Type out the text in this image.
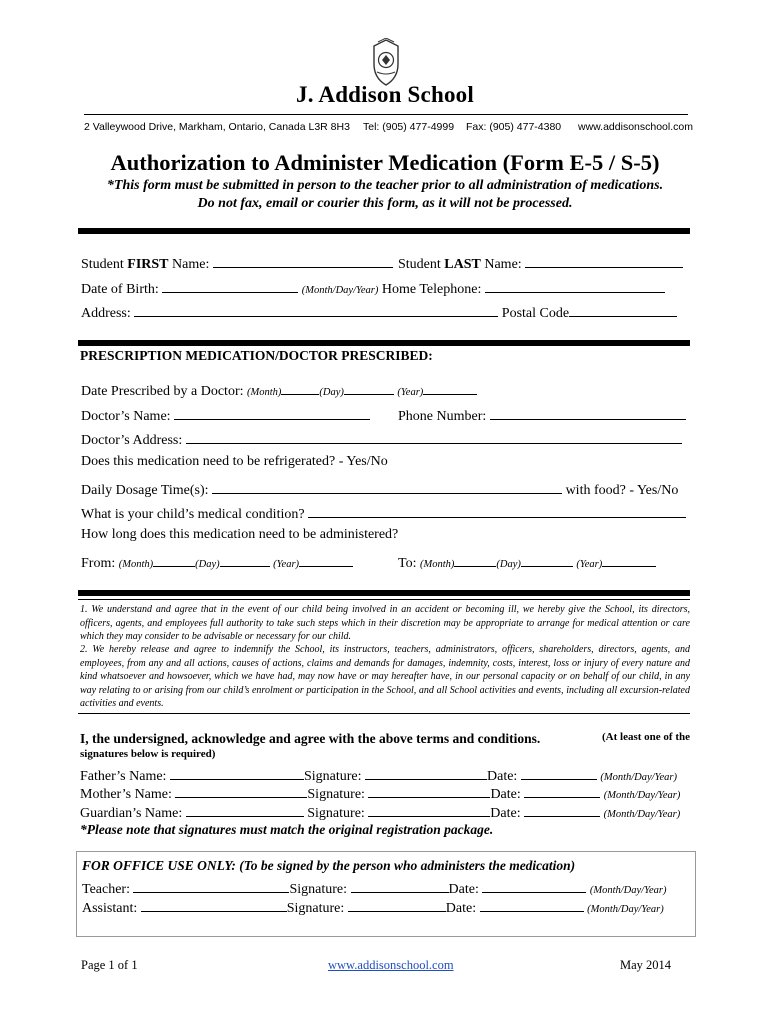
J. Addison School
2 Valleywood Drive, Markham, Ontario, Canada L3R 8H3 Tel: (905) 477-4999 Fax: (905) 477-4380 www.addisonschool.com
Authorization to Administer Medication (Form E-5 / S-5)
*This form must be submitted in person to the teacher prior to all administration of medications.
Do not fax, email or courier this form, as it will not be processed.
Student FIRST Name:	Student LAST Name:
Date of Birth:	(Month/Day/Year) Home Telephone:
Address:	Postal Code
PRESCRIPTION MEDICATION/DOCTOR PRESCRIBED:
Date Prescribed by a Doctor: (Month)	(Day)	(Year)
Doctor’s Name:	Phone Number:
Doctor’s Address:
Does this medication need to be refrigerated? - Yes/No
Daily Dosage Time(s):	with food? - Yes/No
What is your child’s medical condition?
How long does this medication need to be administered?
From: (Month)	(Day)	(Year)	To: (Month)	(Day)	(Year)
1. We understand and agree that in the event of our child being involved in an accident or becoming ill, we hereby give the School, its directors, officers, agents, and employees full authority to take such steps which in their discretion may be appropriate to arrange for medical attention or care which they may consider to be advisable or necessary for our child.
2. We hereby release and agree to indemnify the School, its instructors, teachers, administrators, officers, shareholders, directors, agents, and employees, from any and all actions, causes of actions, claims and demands for damages, indemnity, costs, interest, loss or injury of every nature and kind whatsoever and howsoever, which we have had, may now have or may hereafter have, in our personal capacity or on behalf of our child, in any way relating to or arising from our child’s enrolment or participation in the School, and all School activities and events, including all excursion-related activities and events.
I, the undersigned, acknowledge and agree with the above terms and conditions.	(At least one of the
signatures below is required)
Father’s Name:	Signature:	Date:	(Month/Day/Year)
Mother’s Name:	Signature:	Date:	(Month/Day/Year)
Guardian’s Name:	Signature:	Date:	(Month/Day/Year)
*Please note that signatures must match the original registration package.
FOR OFFICE USE ONLY: (To be signed by the person who administers the medication)
Teacher:	Signature:	Date:	(Month/Day/Year)
Assistant:	Signature:	Date:	(Month/Day/Year)
Page 1 of 1	www.addisonschool.com	May 2014
